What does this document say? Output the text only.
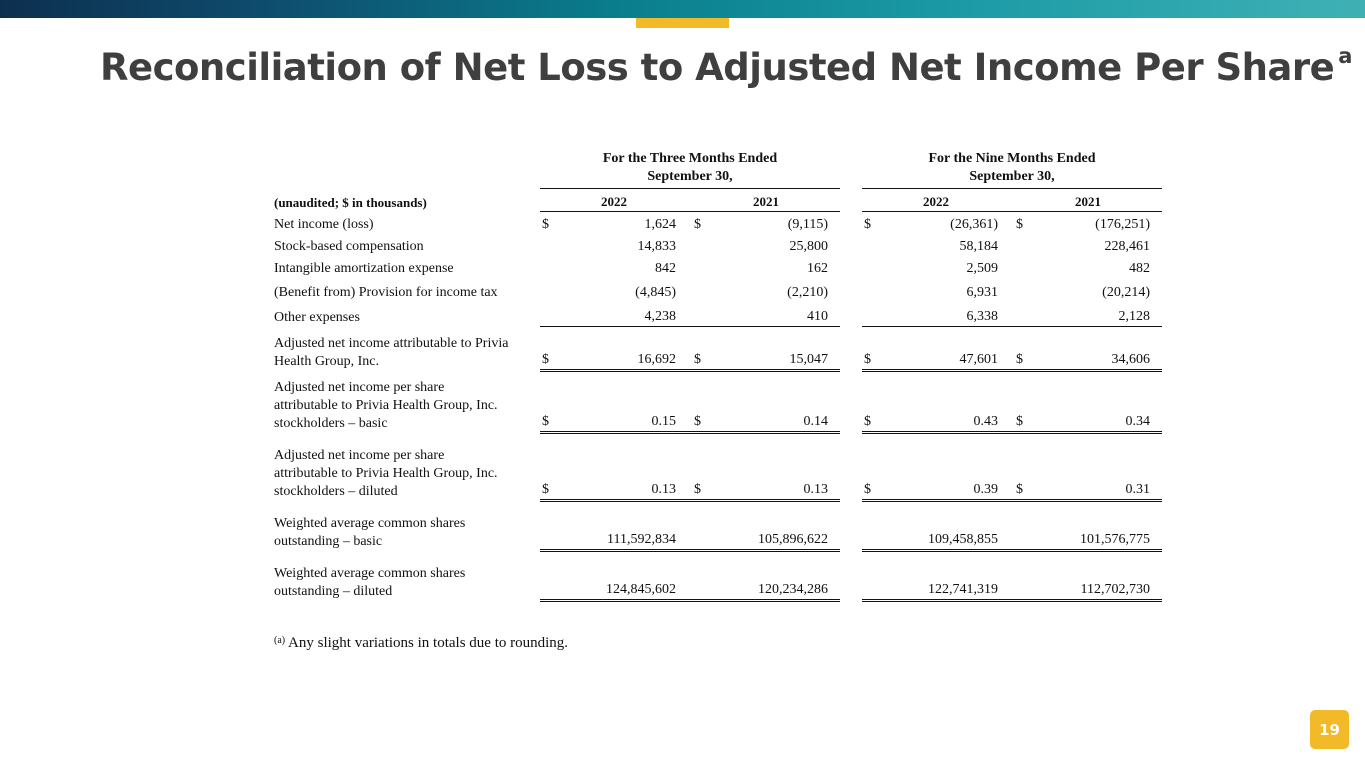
Reconciliation of Net Loss to Adjusted Net Income Per Share $^a$
	For the Three Months Ended
September 30,						For the Nine Months Ended
September 30,				
(unaudited; $ in thousands)	2022			2021			2022			2021	
Net income (loss)	$	1,624		$	(9,115)		$	(26,361)		$	(176,251)
Stock-based compensation		14,833			25,800			58,184			228,461
Intangible amortization expense		842			162			2,509			482
(Benefit from) Provision for income tax		(4,845)			(2,210)			6,931			(20,214)
Other expenses		4,238			410			6,338			2,128
Adjusted net income attributable to Privia
Health Group, Inc.	$	16,692		$	15,047		$	47,601		$	34,606
Adjusted net income per share
attributable to Privia Health Group, Inc.
stockholders – basic	$	0.15		$	0.14		$	0.43		$	0.34
Adjusted net income per share
attributable to Privia Health Group, Inc.
stockholders – diluted	$	0.13		$	0.13		$	0.39		$	0.31
Weighted average common shares
outstanding – basic		111,592,834			105,896,622			109,458,855			101,576,775
Weighted average common shares
outstanding – diluted		124,845,602			120,234,286			122,741,319			112,702,730
$^{(a)}$ Any slight variations in totals due to rounding.
19
